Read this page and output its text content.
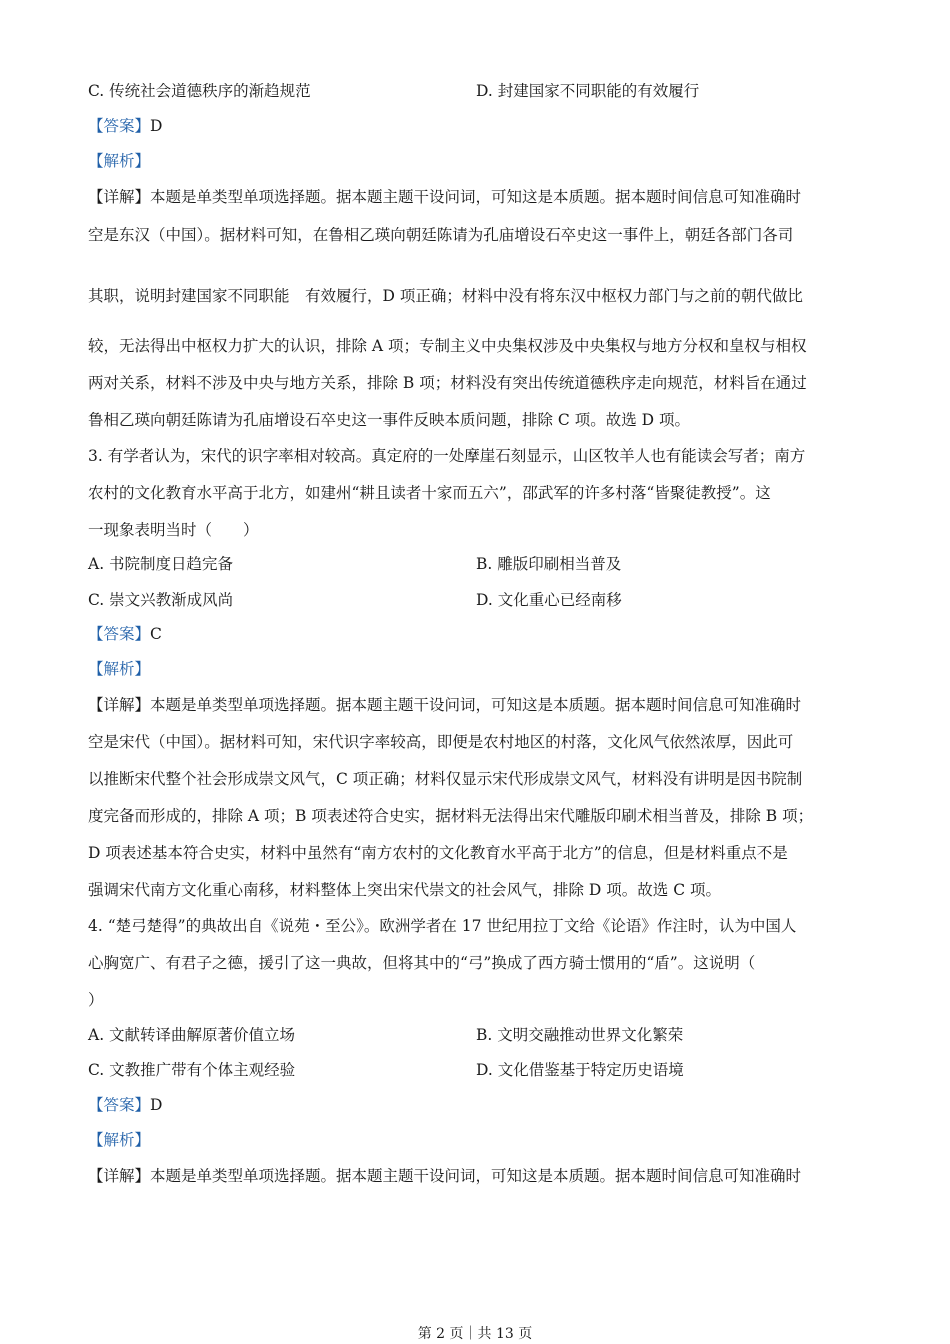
C. 传统社会道德秩序的渐趋规范	D. 封建国家不同职能的有效履行
【答案】D
【解析】
【详解】本题是单类型单项选择题。据本题主题干设问词，可知这是本质题。据本题时间信息可知准确时
空是东汉（中国）。据材料可知，在鲁相乙瑛向朝廷陈请为孔庙增设石卒史这一事件上，朝廷各部门各司
其职，说明封建国家不同职能　有效履行，D 项正确；材料中没有将东汉中枢权力部门与之前的朝代做比
较，无法得出中枢权力扩大的认识，排除 A 项；专制主义中央集权涉及中央集权与地方分权和皇权与相权
两对关系，材料不涉及中央与地方关系，排除 B 项；材料没有突出传统道德秩序走向规范，材料旨在通过
鲁相乙瑛向朝廷陈请为孔庙增设石卒史这一事件反映本质问题，排除 C 项。故选 D 项。
3. 有学者认为，宋代的识字率相对较高。真定府的一处摩崖石刻显示，山区牧羊人也有能读会写者；南方
农村的文化教育水平高于北方，如建州“耕且读者十家而五六”，邵武军的许多村落“皆聚徒教授”。这
一现象表明当时（　　）
A. 书院制度日趋完备	B. 雕版印刷相当普及
C. 崇文兴教渐成风尚	D. 文化重心已经南移
【答案】C
【解析】
【详解】本题是单类型单项选择题。据本题主题干设问词，可知这是本质题。据本题时间信息可知准确时
空是宋代（中国）。据材料可知，宋代识字率较高，即便是农村地区的村落，文化风气依然浓厚，因此可
以推断宋代整个社会形成崇文风气，C 项正确；材料仅显示宋代形成崇文风气，材料没有讲明是因书院制
度完备而形成的，排除 A 项；B 项表述符合史实，据材料无法得出宋代雕版印刷术相当普及，排除 B 项；
D 项表述基本符合史实，材料中虽然有“南方农村的文化教育水平高于北方”的信息，但是材料重点不是
强调宋代南方文化重心南移，材料整体上突出宋代崇文的社会风气，排除 D 项。故选 C 项。
4. “楚弓楚得”的典故出自《说苑・至公》。欧洲学者在 17 世纪用拉丁文给《论语》作注时，认为中国人
心胸宽广、有君子之德，援引了这一典故，但将其中的“弓”换成了西方骑士惯用的“盾”。这说明（
）
A. 文献转译曲解原著价值立场	B. 文明交融推动世界文化繁荣
C. 文教推广带有个体主观经验	D. 文化借鉴基于特定历史语境
【答案】D
【解析】
【详解】本题是单类型单项选择题。据本题主题干设问词，可知这是本质题。据本题时间信息可知准确时
第 2 页｜共 13 页
